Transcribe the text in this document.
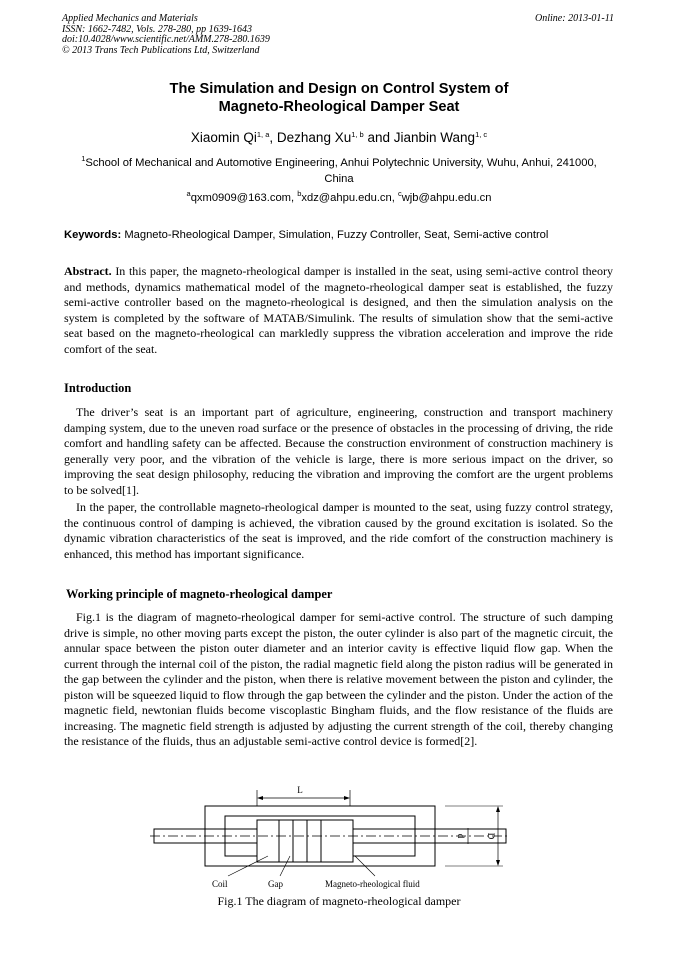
Applied Mechanics and Materials
ISSN: 1662-7482, Vols. 278-280, pp 1639-1643
doi:10.4028/www.scientific.net/AMM.278-280.1639
© 2013 Trans Tech Publications Ltd, Switzerland
Online: 2013-01-11
The Simulation and Design on Control System of
Magneto-Rheological Damper Seat
Xiaomin Qi$^{1, a}$, Dezhang Xu$^{1, b}$ and Jianbin Wang$^{1, c}$
$^1$School of Mechanical and Automotive Engineering, Anhui Polytechnic University, Wuhu, Anhui, 241000, China
$^a$qxm0909@163.com, $^b$xdz@ahpu.edu.cn, $^c$wjb@ahpu.edu.cn
Keywords: Magneto-Rheological Damper, Simulation, Fuzzy Controller, Seat, Semi-active control

Abstract. In this paper, the magneto-rheological damper is installed in the seat, using semi-active control theory and methods, dynamics mathematical model of the magneto-rheological damper seat is established, the fuzzy semi-active controller based on the magneto-rheological is designed, and then the simulation analysis on the system is completed by the software of MATAB/Simulink. The results of simulation show that the semi-active seat based on the magneto-rheological can markledly suppress the vibration acceleration and improve the ride comfort of the seat.

Introduction

The driver’s seat is an important part of agriculture, engineering, construction and transport machinery damping system, due to the uneven road surface or the presence of obstacles in the processing of driving, the ride comfort and handling safety can be affected. Because the construction environment of construction machinery is generally very poor, and the vibration of the vehicle is large, there is more serious impact on the driver, so improving the seat design philosophy, reducing the vibration and improving the comfort are the urgent problems to be solved[1].

In the paper, the controllable magneto-rheological damper is mounted to the seat, using fuzzy control strategy, the continuous control of damping is achieved, the vibration caused by the ground excitation is isolated. So the dynamic vibration characteristics of the seat is improved, and the ride comfort of the construction machinery is enhanced, this method has important significance.

Working principle of magneto-rheological damper

Fig.1 is the diagram of magneto-rheological damper for semi-active control. The structure of such damping drive is simple, no other moving parts except the piston, the outer cylinder is also part of the magnetic circuit, the annular space between the piston outer diameter and an interior cavity is effective liquid flow gap. When the current through the internal coil of the piston, the radial magnetic field along the piston radius will be generated in the gap between the cylinder and the piston, when there is relative movement between the piston and cylinder, the piston will be squeezed liquid to flow through the gap between the cylinder and the piston. Under the action of the magnetic field, newtonian fluids become viscoplastic Bingham fluids, and the flow resistance of the fluids are increasing. The magnetic field strength is adjusted by adjusting the current strength of the coil, thereby changing the resistance of the fluids, thus an adjustable semi-active control device is formed[2].

L
d D
Coil	Gap	Magneto-rheological fluid
Fig.1 The diagram of magneto-rheological damper
